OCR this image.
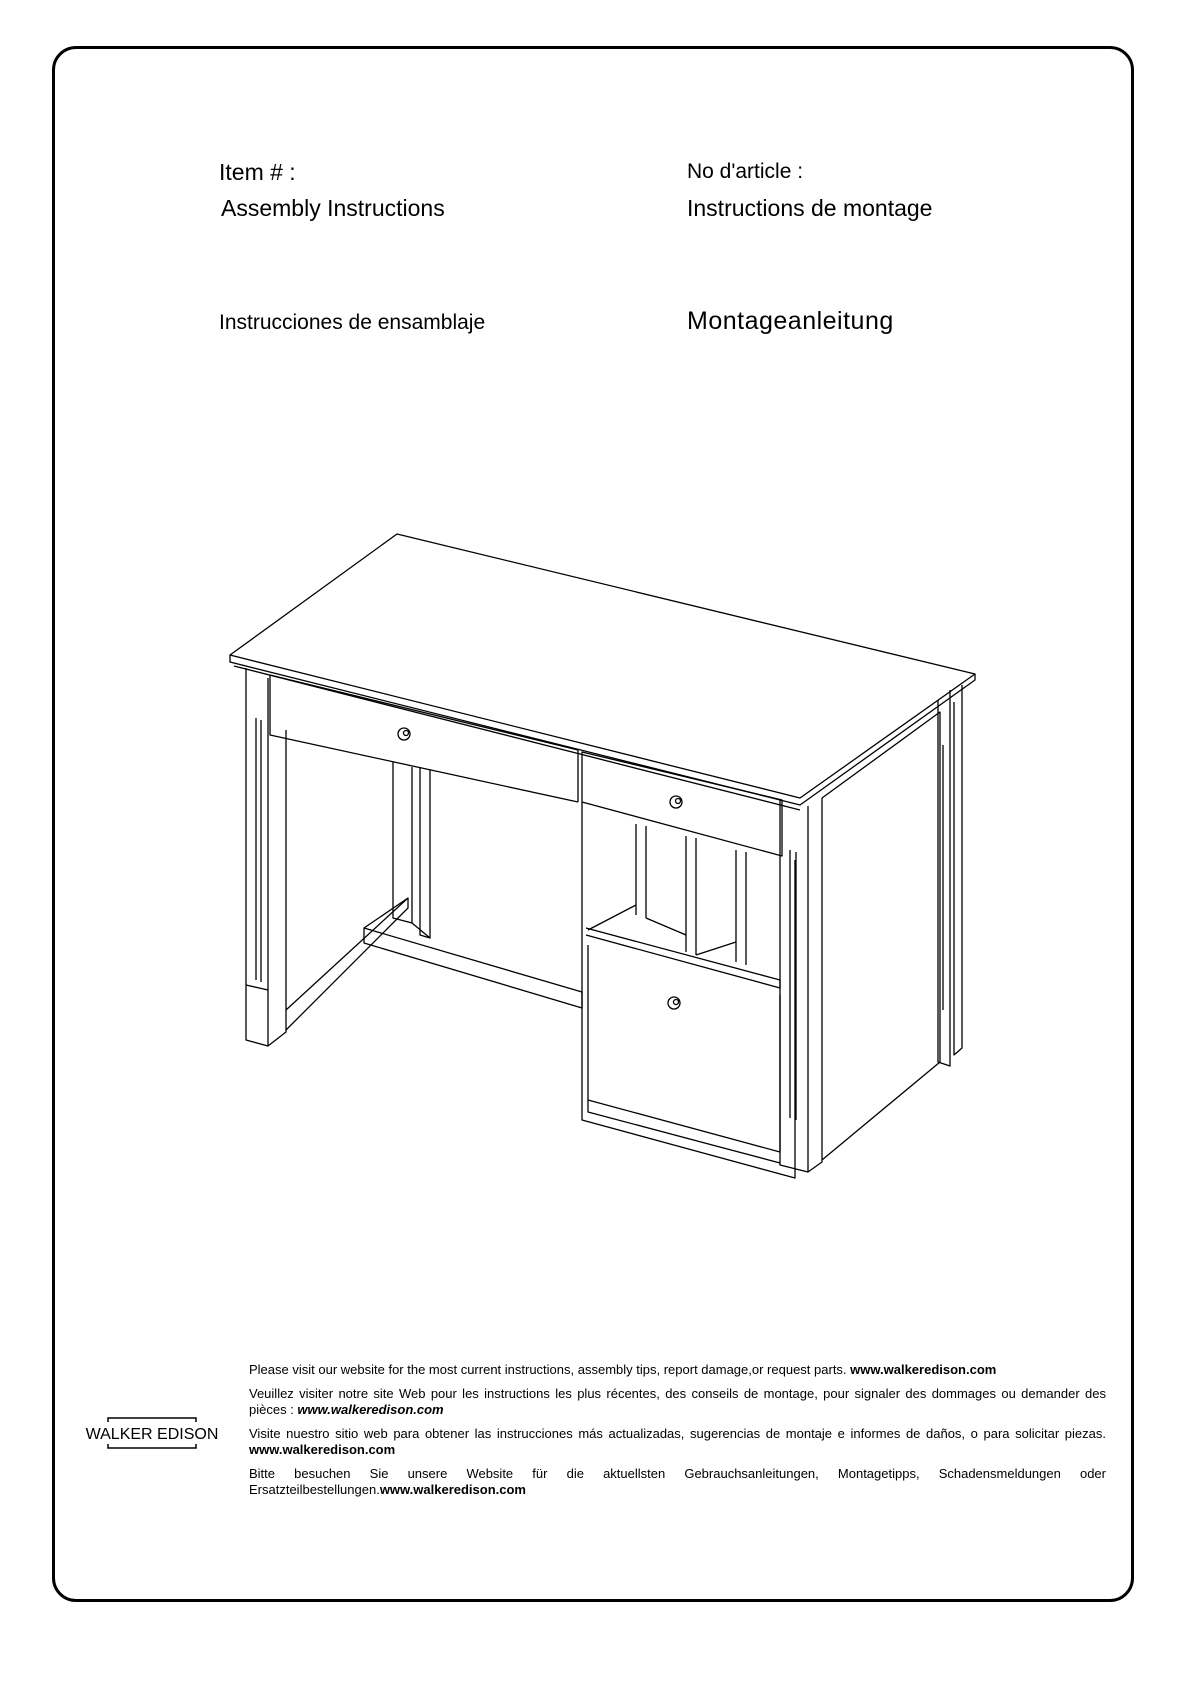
Item # :
Assembly Instructions
No d'article :
Instructions de montage
Instrucciones de ensamblaje	Montageanleitung
WALKER EDISON

Please visit our website for the most current instructions, assembly tips, report damage,or request parts. www.walkeredison.com

Veuillez visiter notre site Web pour les instructions les plus récentes, des conseils de montage, pour signaler des dommages ou demander des pièces : www.walkeredison.com

Visite nuestro sitio web para obtener las instrucciones más actualizadas, sugerencias de montaje e informes de daños, o para solicitar piezas. www.walkeredison.com

Bitte besuchen Sie unsere Website für die aktuellsten Gebrauchsanleitungen, Montagetipps, Schadensmeldungen oder Ersatzteilbestellungen.www.walkeredison.com
